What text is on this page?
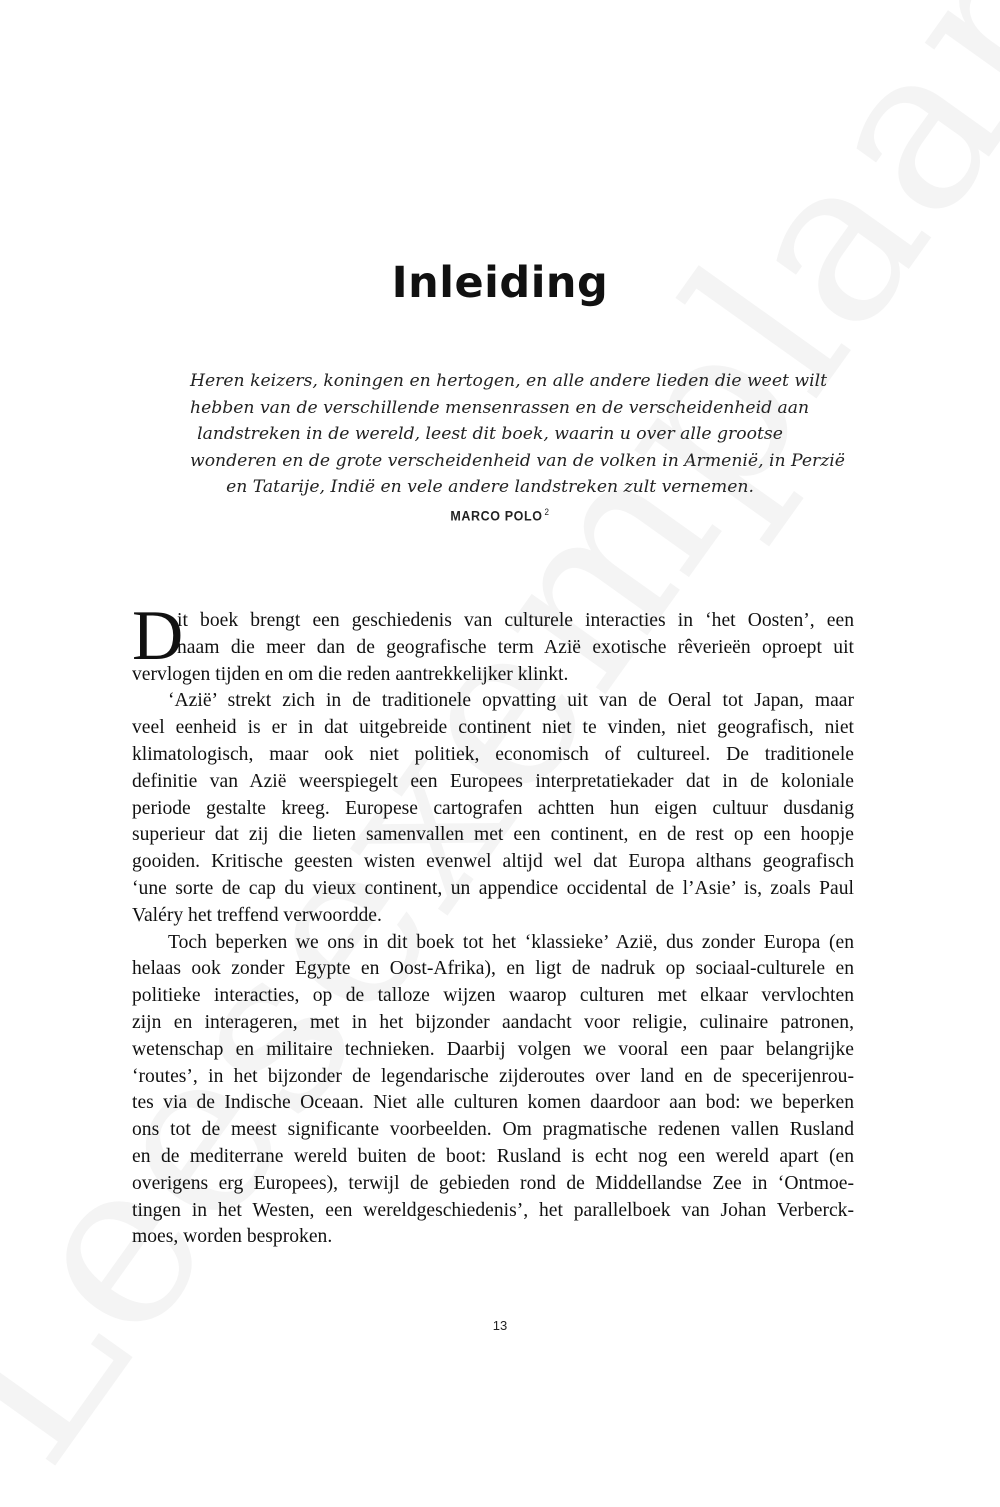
Inleiding
Heren keizers, koningen en hertogen, en alle andere lieden die weet wilt
hebben van de verschillende mensenrassen en de verscheidenheid aan
landstreken in de wereld, leest dit boek, waarin u over alle grootse
wonderen en de grote verscheidenheid van de volken in Armenië, in Perzië
en Tatarije, Indië en vele andere landstreken zult vernemen.

MARCO POLO $^2$

D

it boek brengt een geschiedenis van culturele interacties in ‘het Oosten’, een
naam die meer dan de geografische term Azië exotische rêverieën oproept uit

vervlogen tijden en om die reden aantrekkelijker klinkt.

‘Azië’ strekt zich in de traditionele opvatting uit van de Oeral tot Japan, maar
veel eenheid is er in dat uitgebreide continent niet te vinden, niet geografisch, niet
klimatologisch, maar ook niet politiek, economisch of cultureel. De traditionele
definitie van Azië weerspiegelt een Europees interpretatiekader dat in de koloniale
periode gestalte kreeg. Europese cartografen achtten hun eigen cultuur dusdanig
superieur dat zij die lieten samenvallen met een continent, en de rest op een hoopje
gooiden. Kritische geesten wisten evenwel altijd wel dat Europa althans geografisch
‘une sorte de cap du vieux continent, un appendice occidental de l’Asie’ is, zoals Paul
Valéry het treffend verwoordde.

Toch beperken we ons in dit boek tot het ‘klassieke’ Azië, dus zonder Europa (en
helaas ook zonder Egypte en Oost-Afrika), en ligt de nadruk op sociaal-culturele en
politieke interacties, op de talloze wijzen waarop culturen met elkaar vervlochten
zijn en interageren, met in het bijzonder aandacht voor religie, culinaire patronen,
wetenschap en militaire technieken. Daarbij volgen we vooral een paar belangrijke
‘routes’, in het bijzonder de legendarische zijderoutes over land en de specerijenrou-
tes via de Indische Oceaan. Niet alle culturen komen daardoor aan bod: we beperken
ons tot de meest significante voorbeelden. Om pragmatische redenen vallen Rusland
en de mediterrane wereld buiten de boot: Rusland is echt nog een wereld apart (en
overigens erg Europees), terwijl de gebieden rond de Middellandse Zee in ‘Ontmoe-
tingen in het Westen, een wereldgeschiedenis’, het parallelboek van Johan Verberck-
moes, worden besproken.

13
